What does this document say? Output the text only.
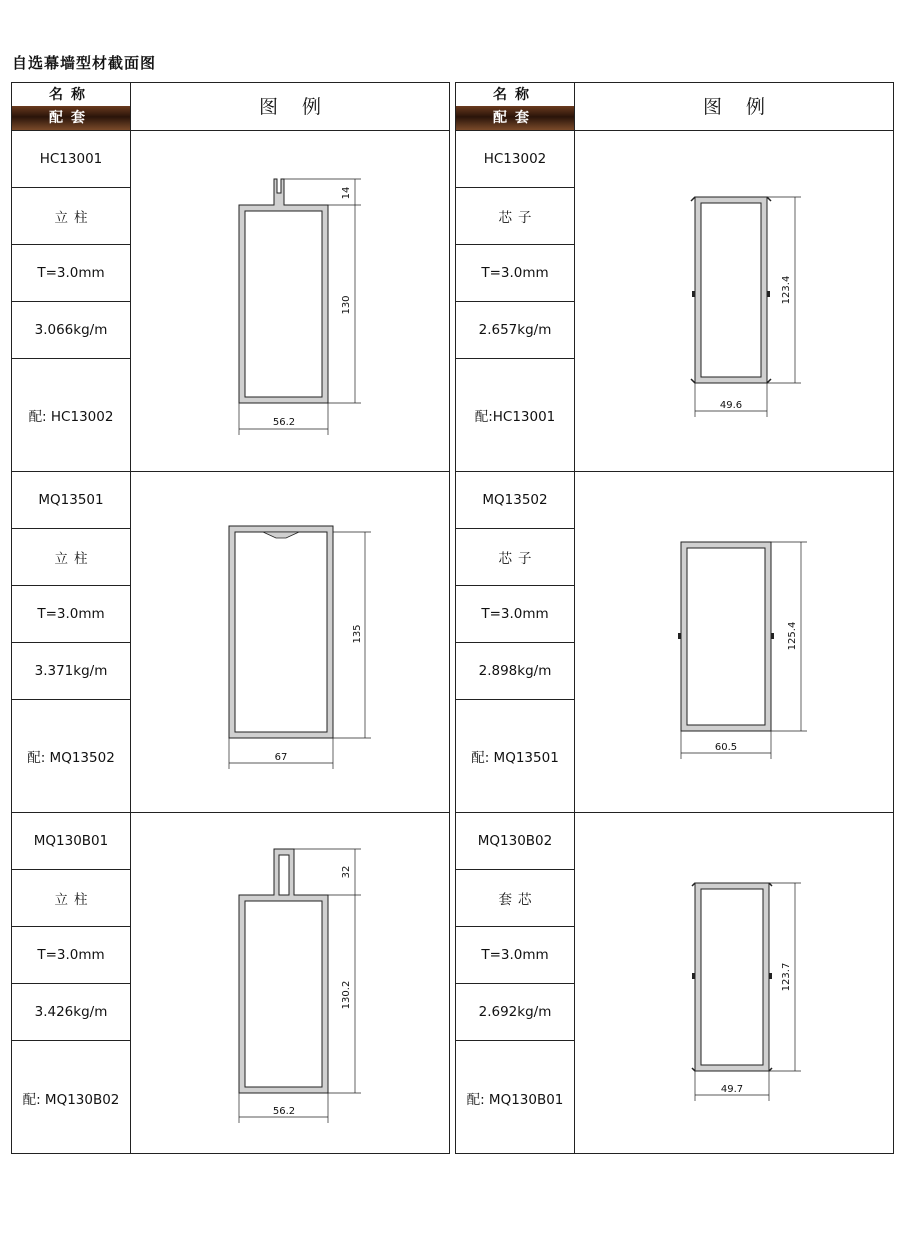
自选幕墙型材截面图
名称
配套
HC13001
立柱
T=3.0mm
3.066kg/m
配: HC13002
MQ13501
立柱
T=3.0mm
3.371kg/m
配: MQ13502
MQ130B01
立柱
T=3.0mm
3.426kg/m
配: MQ130B02
图例
14
130
56.2
135
67
32
130.2
56.2
名称
配套
HC13002
芯子
T=3.0mm
2.657kg/m
配:HC13001
MQ13502
芯子
T=3.0mm
2.898kg/m
配: MQ13501
MQ130B02
套芯
T=3.0mm
2.692kg/m
配: MQ130B01
图例
123.4
49.6
125.4
60.5
123.7
49.7
